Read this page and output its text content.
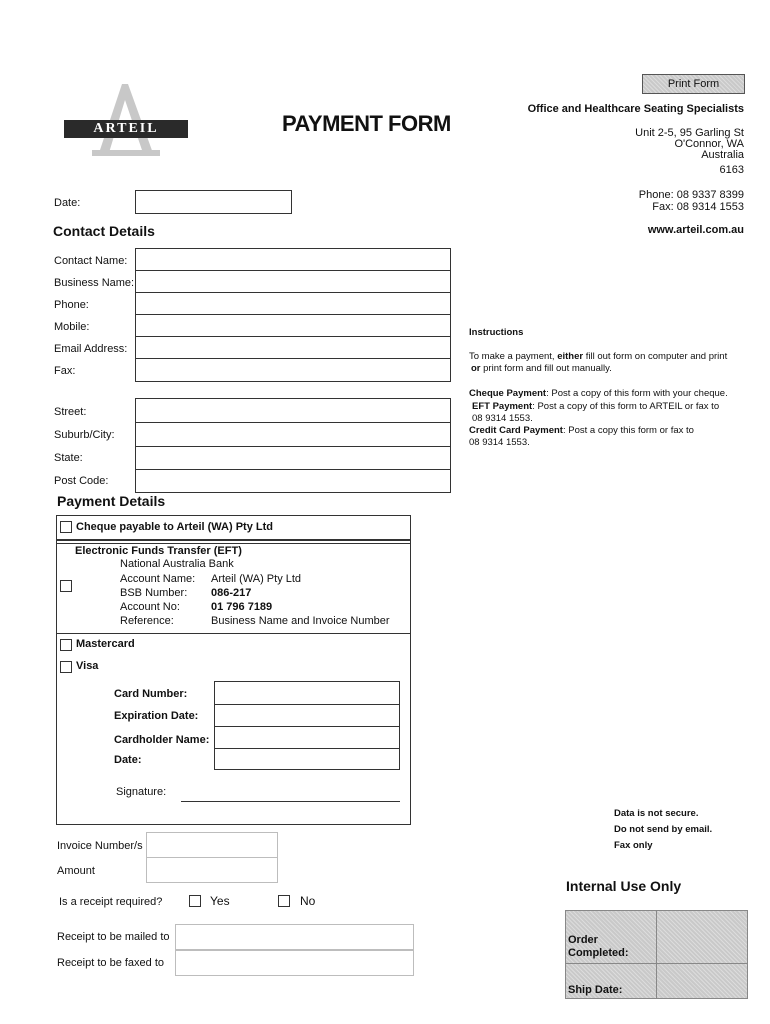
Print Form
ARTEIL	PAYMENT FORM
Office and Healthcare Seating Specialists
Unit 2-5, 95 Garling St
O'Connor, WA
Australia
6163
Phone: 08 9337 8399
Fax: 08 9314 1553
www.arteil.com.au
Date:
Contact Details
Contact Name:
Business Name:
Phone:
Mobile:
Email Address:
Fax:
Street:
Suburb/City:
State:
Post Code:
Instructions
To make a payment, either fill out form on computer and print
or print form and fill out manually.
Cheque Payment: Post a copy of this form with your cheque.
EFT Payment: Post a copy of this form to ARTEIL or fax to
08 9314 1553.
Credit Card Payment: Post a copy this form or fax to
08 9314 1553.
Payment Details
Cheque payable to Arteil (WA) Pty Ltd
Electronic Funds Transfer (EFT)
National Australia Bank
Account Name: Arteil (WA) Pty Ltd
BSB Number: 086-217
Account No:	01 796 7189
Reference:	Business Name and Invoice Number
Mastercard
Visa
Card Number:
Expiration Date:
Cardholder Name:
Date:
Signature:
Data is not secure.
Do not send by email.
Fax only
Invoice Number/s
Amount
Is a receipt required?	Yes	No
Receipt to be mailed to
Receipt to be faxed to
Internal Use Only
Order Completed:
Ship Date:
